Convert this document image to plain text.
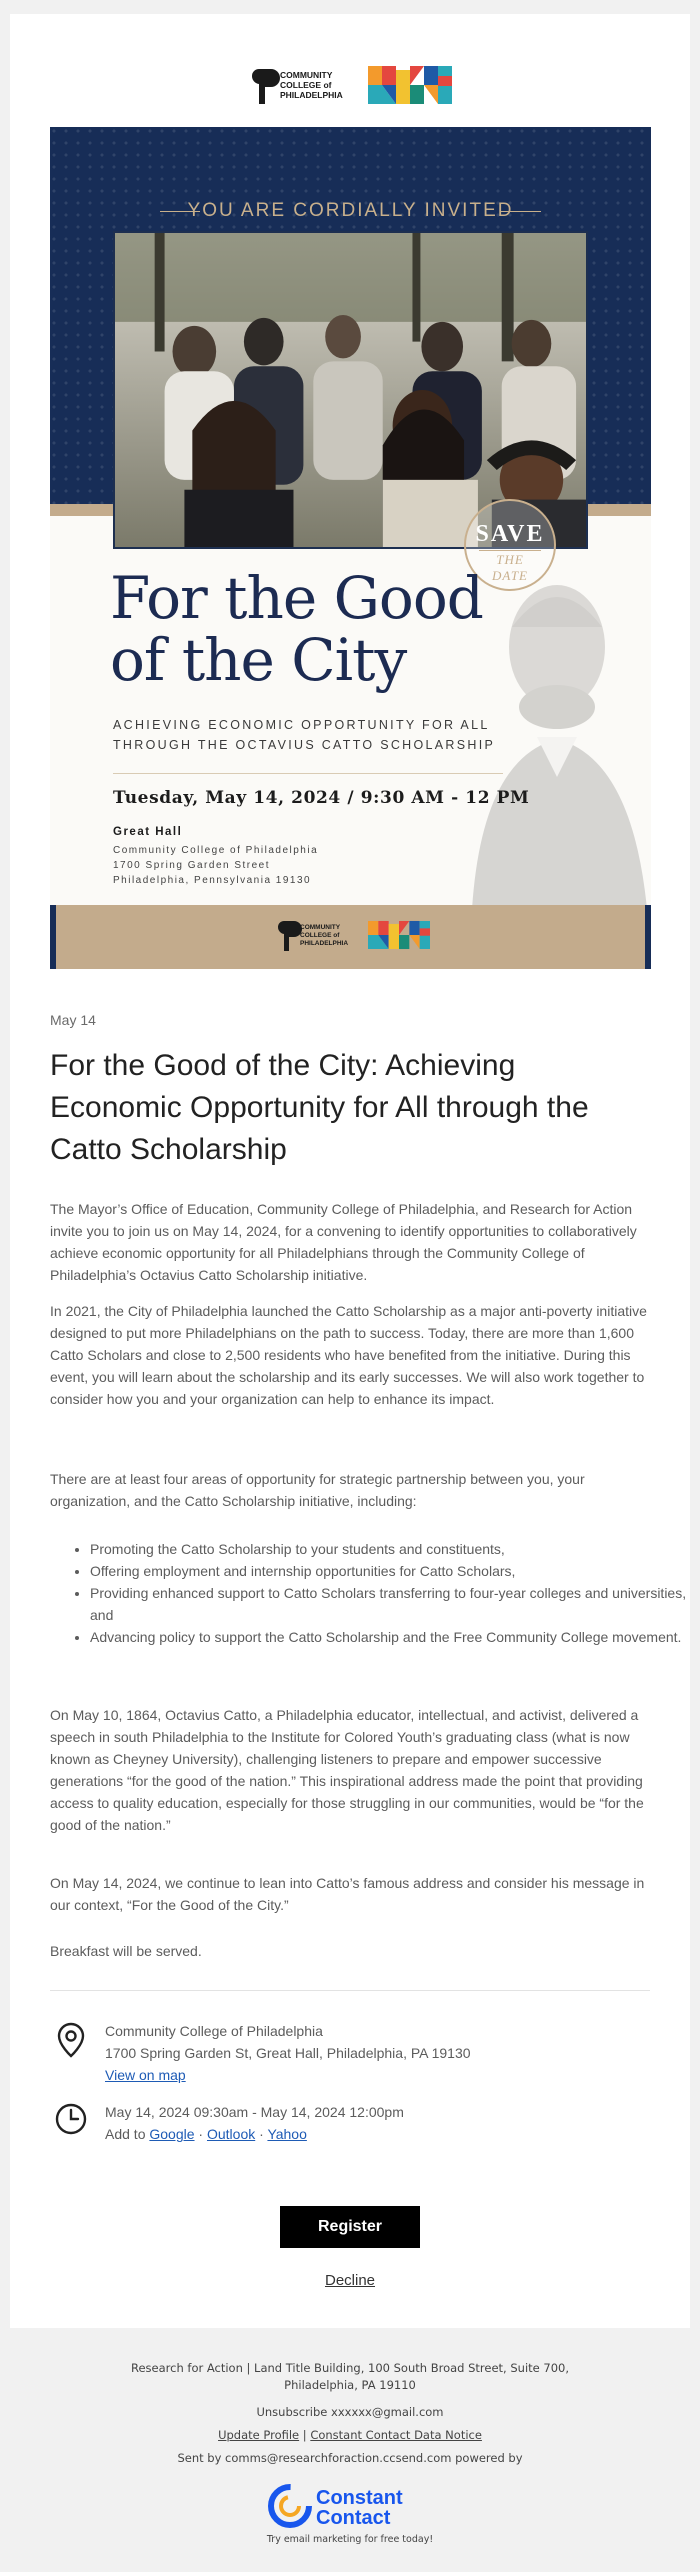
COMMUNITY
COLLEGE of
PHILADELPHIA
YOU ARE CORDIALLY INVITED
SAVE
THE DATE
For the Good
of the City
ACHIEVING ECONOMIC OPPORTUNITY FOR ALL
THROUGH THE OCTAVIUS CATTO SCHOLARSHIP
Tuesday, May 14, 2024 / 9:30 AM - 12 PM
Great Hall
Community College of Philadelphia
1700 Spring Garden Street
Philadelphia, Pennsylvania 19130
COMMUNITY
COLLEGE of
PHILADELPHIA
May 14
For the Good of the City: Achieving Economic Opportunity for All through the Catto Scholarship
The Mayor’s Office of Education, Community College of Philadelphia, and Research for Action invite you to join us on May 14, 2024, for a convening to identify opportunities to collaboratively achieve economic opportunity for all Philadelphians through the Community College of Philadelphia’s Octavius Catto Scholarship initiative.
In 2021, the City of Philadelphia launched the Catto Scholarship as a major anti-poverty initiative designed to put more Philadelphians on the path to success. Today, there are more than 1,600 Catto Scholars and close to 2,500 residents who have benefited from the initiative. During this event, you will learn about the scholarship and its early successes. We will also work together to consider how you and your organization can help to enhance its impact.
There are at least four areas of opportunity for strategic partnership between you, your organization, and the Catto Scholarship initiative, including:
• Promoting the Catto Scholarship to your students and constituents,
• Offering employment and internship opportunities for Catto Scholars,
• Providing enhanced support to Catto Scholars transferring to four-year colleges and universities, and
• Advancing policy to support the Catto Scholarship and the Free Community College movement.
On May 10, 1864, Octavius Catto, a Philadelphia educator, intellectual, and activist, delivered a speech in south Philadelphia to the Institute for Colored Youth’s graduating class (what is now known as Cheyney University), challenging listeners to prepare and empower successive generations “for the good of the nation.” This inspirational address made the point that providing access to quality education, especially for those struggling in our communities, would be “for the good of the nation.”
On May 14, 2024, we continue to lean into Catto’s famous address and consider his message in our context, “For the Good of the City.”
Breakfast will be served.
Community College of Philadelphia
1700 Spring Garden St, Great Hall, Philadelphia, PA 19130
View on map
May 14, 2024 09:30am - May 14, 2024 12:00pm
Add to Google · Outlook · Yahoo
Register
Decline
Research for Action | Land Title Building, 100 South Broad Street, Suite 700,
Philadelphia, PA 19110
Unsubscribe xxxxxx@gmail.com
Update Profile | Constant Contact Data Notice
Sent by comms@researchforaction.ccsend.com powered by
Constant
Contact
Try email marketing for free today!
